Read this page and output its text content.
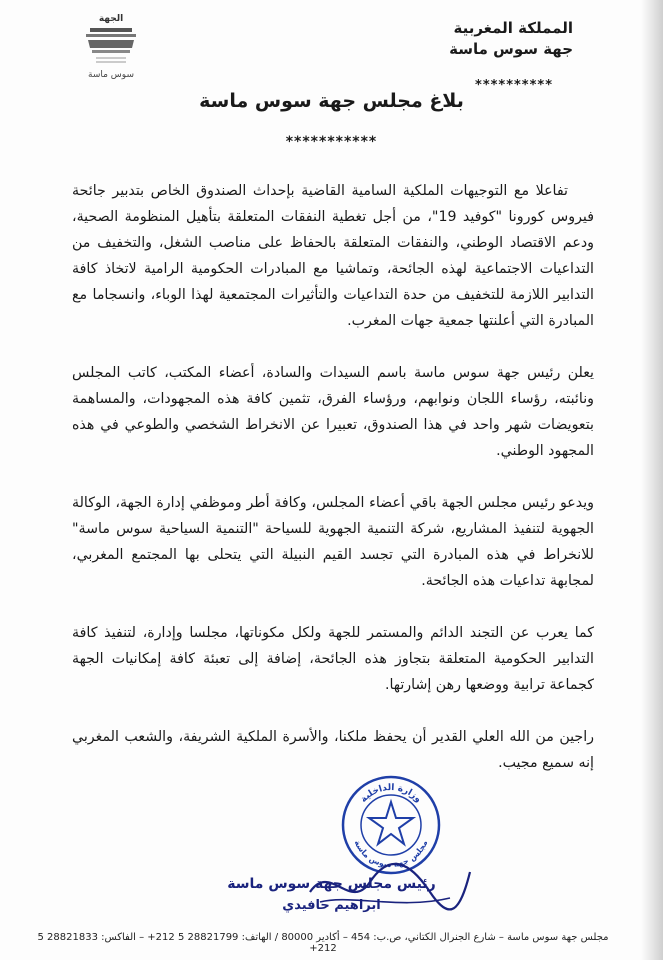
المملكة المغربية
جهة سوس ماسة
**********
الجهة
سوس ماسة
بلاغ مجلس جهة سوس ماسة
***********

تفاعلا مع التوجيهات الملكية السامية القاضية بإحداث الصندوق الخاص بتدبير جائحة فيروس كورونا "كوفيد 19"، من أجل تغطية النفقات المتعلقة بتأهيل المنظومة الصحية، ودعم الاقتصاد الوطني، والنفقات المتعلقة بالحفاظ على مناصب الشغل، والتخفيف من التداعيات الاجتماعية لهذه الجائحة، وتماشيا مع المبادرات الحكومية الرامية لاتخاذ كافة التدابير اللازمة للتخفيف من حدة التداعيات والتأثيرات المجتمعية لهذا الوباء، وانسجاما مع المبادرة التي أعلنتها جمعية جهات المغرب.

يعلن رئيس جهة سوس ماسة باسم السيدات والسادة، أعضاء المكتب، كاتب المجلس ونائبته، رؤساء اللجان ونوابهم، ورؤساء الفرق، تثمين كافة هذه المجهودات، والمساهمة بتعويضات شهر واحد في هذا الصندوق، تعبيرا عن الانخراط الشخصي والطوعي في هذه المجهود الوطني.

ويدعو رئيس مجلس الجهة باقي أعضاء المجلس، وكافة أطر وموظفي إدارة الجهة، الوكالة الجهوية لتنفيذ المشاريع، شركة التنمية الجهوية للسياحة "التنمية السياحية سوس ماسة" للانخراط في هذه المبادرة التي تجسد القيم النبيلة التي يتحلى بها المجتمع المغربي، لمجابهة تداعيات هذه الجائحة.

كما يعرب عن التجند الدائم والمستمر للجهة ولكل مكوناتها، مجلسا وإدارة، لتنفيذ كافة التدابير الحكومية المتعلقة بتجاوز هذه الجائحة، إضافة إلى تعبئة كافة إمكانيات الجهة كجماعة ترابية ووضعها رهن إشارتها.

راجين من الله العلي القدير أن يحفظ ملكنا، والأسرة الملكية الشريفة، والشعب المغربي إنه سميع مجيب.

وزارة الداخلية
مجلس جهة سوس ماسة
رئيس مجلس جهة سوس ماسة
ابراهيم حافيدي
مجلس جهة سوس ماسة – شارع الجنرال الكتاني، ص.ب: 454 – أكادير 80000 / الهاتف: 28821799 5 212+ – الفاكس: 28821833 5 212+
